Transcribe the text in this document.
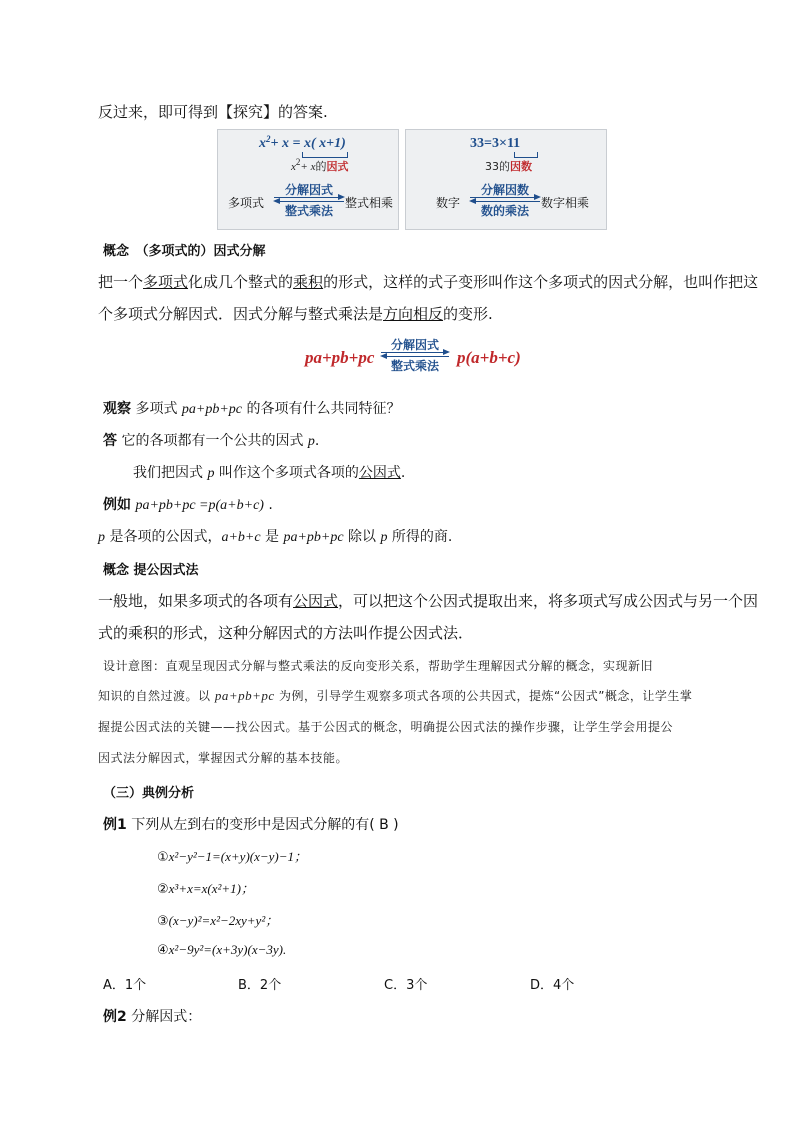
反过来，即可得到【探究】的答案.
$x^2+ x = x$( x+1)
$x^2+ x$的因式
多项式
分解因式
整式乘法
整式相乘
33=3×11
33的因数
数字
分解因数
数的乘法
数字相乘
概念　（多项式的）因式分解
把一个多项式化成几个整式的乘积的形式，这样的式子变形叫作这个多项式的因式分解，也叫作把这
个多项式分解因式．因式分解与整式乘法是方向相反的变形.
pa+pb+pc
分解因式
整式乘法	p(a+b+c)
观察 多项式 pa+pb+pc 的各项有什么共同特征？
答 它的各项都有一个公共的因式 p.
我们把因式 p 叫作这个多项式各项的公因式.
例如 pa+pb+pc =p(a+b+c) .
p 是各项的公因式，a+b+c 是 pa+pb+pc 除以 p 所得的商.
概念 提公因式法
一般地，如果多项式的各项有公因式，可以把这个公因式提取出来，将多项式写成公因式与另一个因
式的乘积的形式，这种分解因式的方法叫作提公因式法．
设计意图：直观呈现因式分解与整式乘法的反向变形关系，帮助学生理解因式分解的概念，实现新旧
知识的自然过渡。以 pa+pb+pc 为例，引导学生观察多项式各项的公共因式，提炼“公因式”概念，让学生掌
握提公因式法的关键——找公因式。基于公因式的概念，明确提公因式法的操作步骤，让学生学会用提公
因式法分解因式，掌握因式分解的基本技能。
（三）典例分析
例1 下列从左到右的变形中是因式分解的有( B )
①x²−y²−1=(x+y)(x−y)−1；
②x³+x=x(x²+1)；
③(x−y)²=x²−2xy+y²；
④x²−9y²=(x+3y)(x−3y).
A．1个	B．2个	C．3个	D．4个
例2 分解因式：
